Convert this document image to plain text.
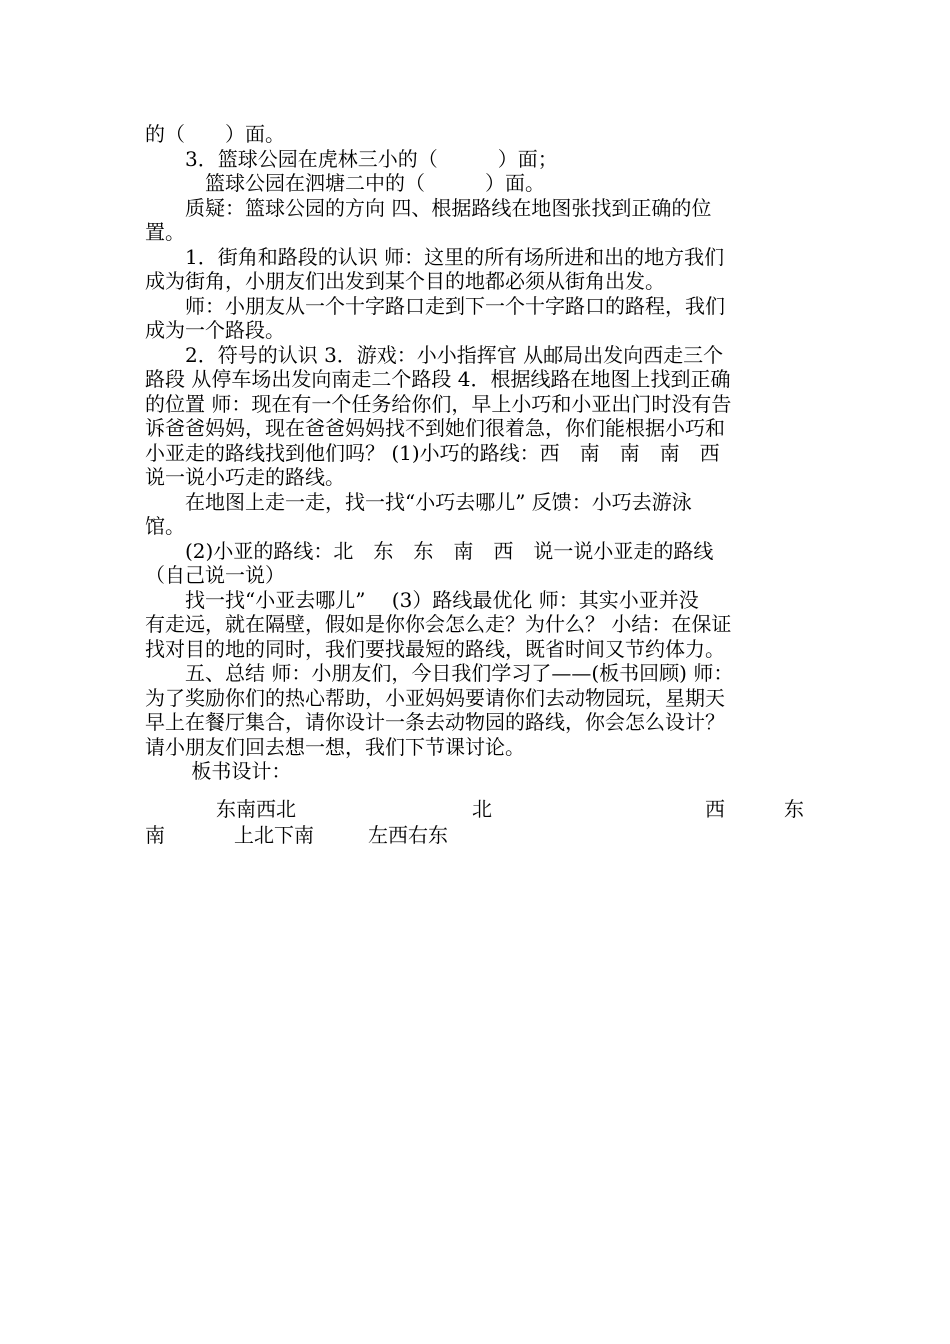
的（　　）面。
　　3．篮球公园在虎林三小的（　　　）面；
　　　篮球公园在泗塘二中的（　　　）面。
　　质疑：篮球公园的方向 四、根据路线在地图张找到正确的位
置。
　　1．街角和路段的认识 师：这里的所有场所进和出的地方我们
成为街角，小朋友们出发到某个目的地都必须从街角出发。
　　师：小朋友从一个十字路口走到下一个十字路口的路程，我们
成为一个路段。
　　2．符号的认识 3．游戏：小小指挥官 从邮局出发向西走三个
路段 从停车场出发向南走二个路段 4．根据线路在地图上找到正确
的位置 师：现在有一个任务给你们，早上小巧和小亚出门时没有告
诉爸爸妈妈，现在爸爸妈妈找不到她们很着急，你们能根据小巧和
小亚走的路线找到他们吗？ (1)小巧的路线：西　南　南　南　西
说一说小巧走的路线。
　　在地图上走一走，找一找“小巧去哪儿” 反馈：小巧去游泳
馆。
　　(2)小亚的路线：北　东　东　南　西　说一说小亚走的路线
（自己说一说）
　　找一找“小亚去哪儿”　 (3）路线最优化 师：其实小亚并没
有走远，就在隔壁，假如是你你会怎么走？为什么？ 小结：在保证
找对目的地的同时，我们要找最短的路线，既省时间又节约体力。
　　五、总结 师：小朋友们，今日我们学习了——(板书回顾) 师：
为了奖励你们的热心帮助，小亚妈妈要请你们去动物园玩，星期天
早上在餐厅集合，请你设计一条去动物园的路线，你会怎么设计？
请小朋友们回去想一想，我们下节课讨论。
　　 板书设计：
东南西北	北	西	东
南	上北下南	左西右东
